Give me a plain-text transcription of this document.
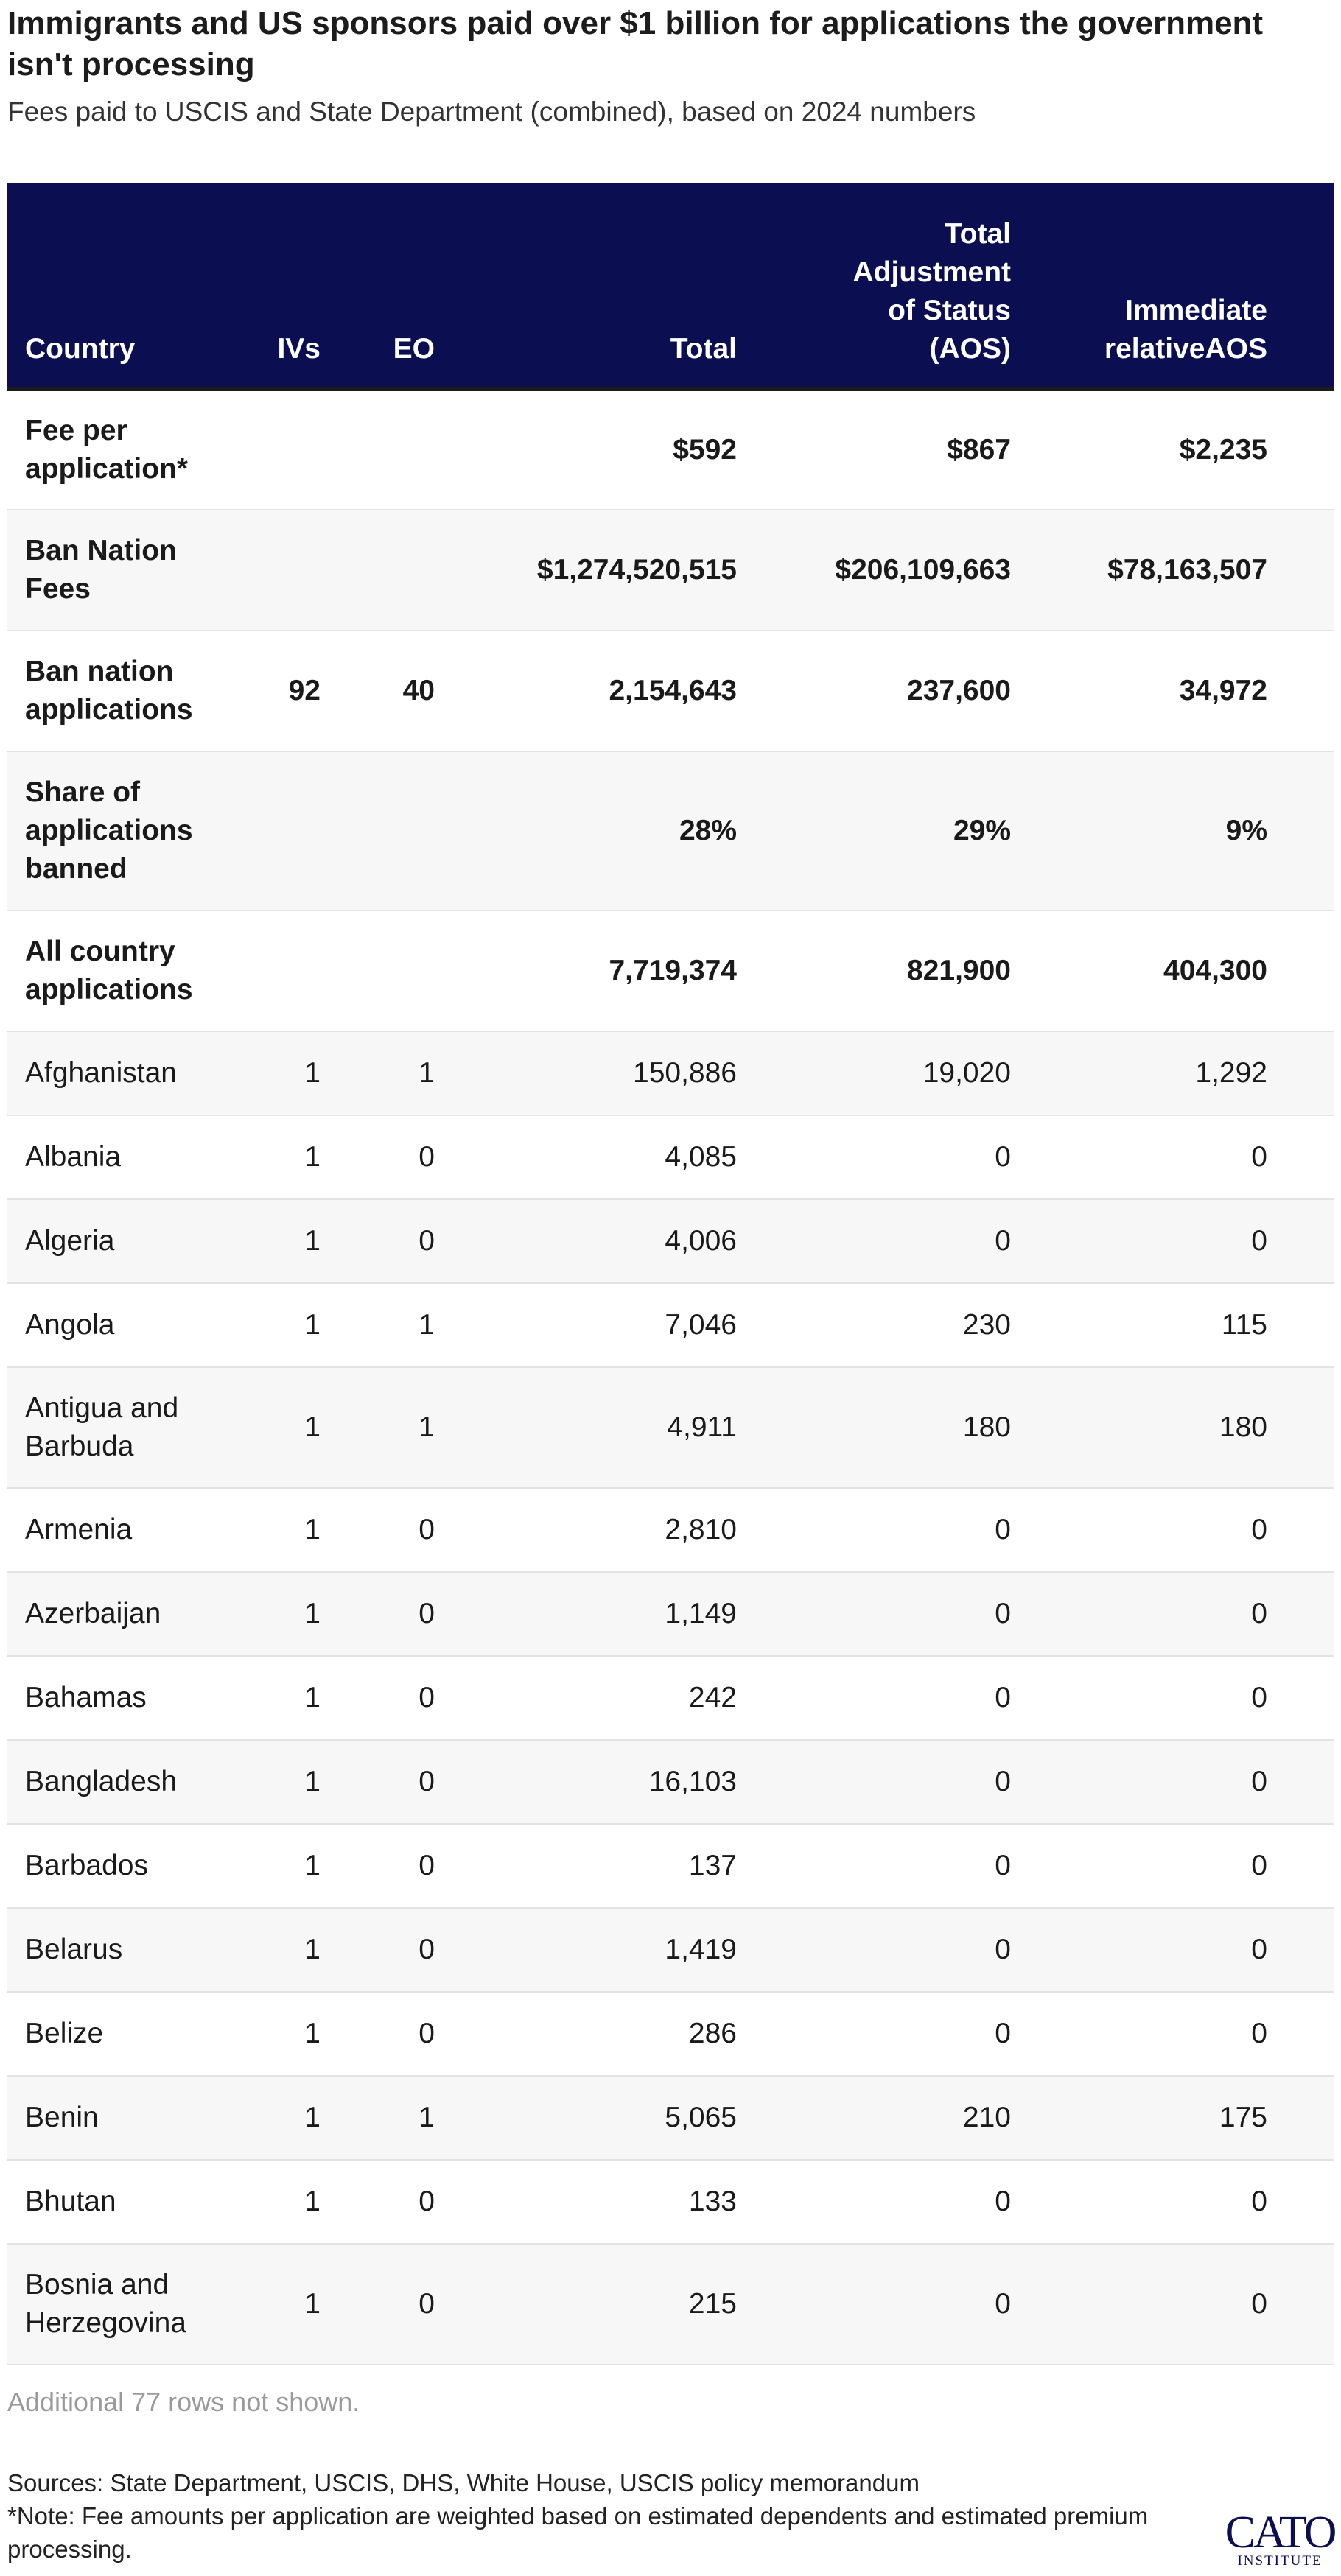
Immigrants and US sponsors paid over $1 billion for applications the government isn't processing
Fees paid to USCIS and State Department (combined), based on 2024 numbers
Country	IVs	EO	Total	Total Adjustment of Status (AOS)	Immediate relativeAOS	

Fee per application*			$592	$867	$2,235	

Ban Nation Fees			$1,274,520,515	$206,109,663	$78,163,507	

Ban nation applications	92	40	2,154,643	237,600	34,972	

Share of applications banned			28%	29%	9%	

All country applications			7,719,374	821,900	404,300	

Afghanistan	1	1	150,886	19,020	1,292	

Albania	1	0	4,085	0	0	

Algeria	1	0	4,006	0	0	

Angola	1	1	7,046	230	115	

Antigua and Barbuda	1	1	4,911	180	180	

Armenia	1	0	2,810	0	0	

Azerbaijan	1	0	1,149	0	0	

Bahamas	1	0	242	0	0	

Bangladesh	1	0	16,103	0	0	

Barbados	1	0	137	0	0	

Belarus	1	0	1,419	0	0	

Belize	1	0	286	0	0	

Benin	1	1	5,065	210	175	

Bhutan	1	0	133	0	0	

Bosnia and Herzegovina	1	0	215	0	0	
Additional 77 rows not shown.
Sources: State Department, USCIS, DHS, White House, USCIS policy memorandum
*Note: Fee amounts per application are weighted based on estimated dependents and estimated premium processing.	CATO
INSTITUTE
